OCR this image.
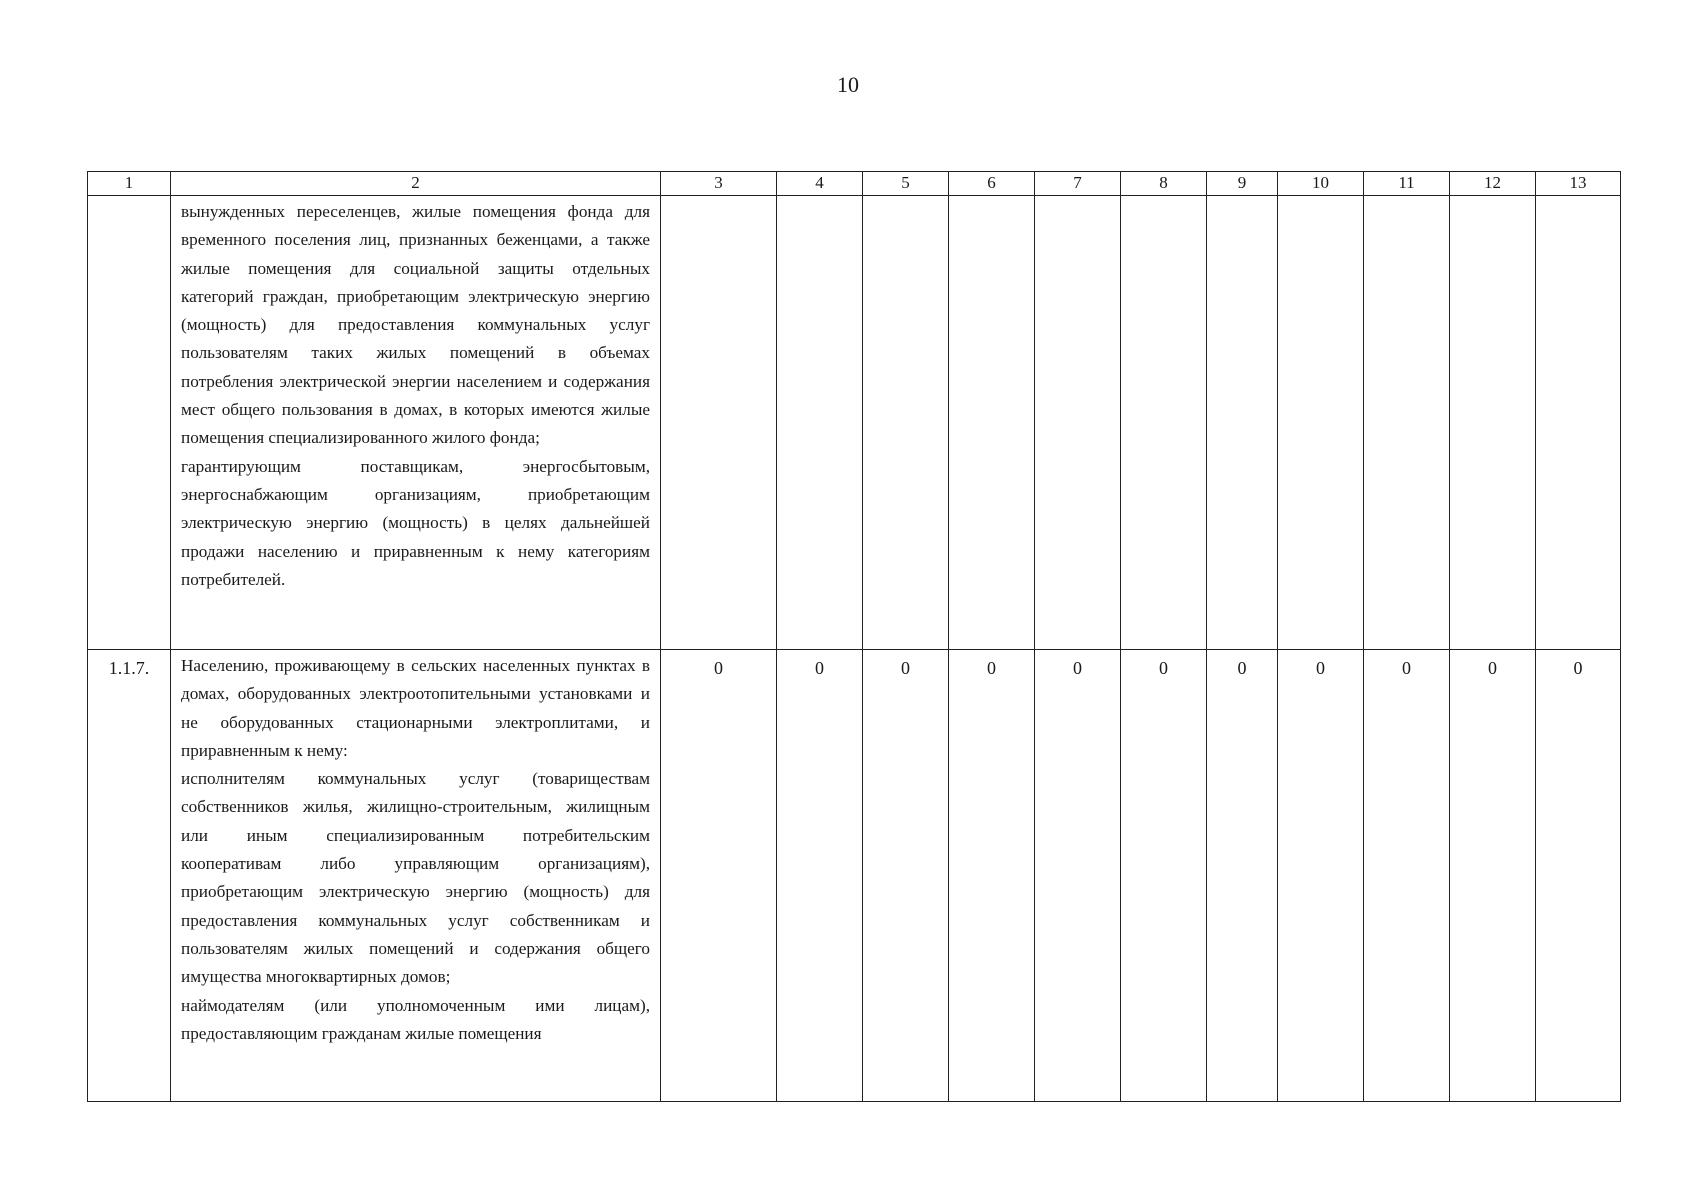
10
1	2	3	4	5	6	7	8	9	10	11	12	13

	вынужденных переселенцев, жилые помещения фонда для временного поселения лиц, признанных беженцами, а также жилые помещения для социальной защиты отдельных категорий граждан, приобретающим электрическую энергию (мощность) для предоставления коммунальных услуг пользователям таких жилых помещений в объемах потребления электрической энергии населением и содержания мест общего пользования в домах, в которых имеются жилые помещения специализированного жилого фонда;

гарантирующим поставщикам, энергосбытовым, энергоснабжающим организациям, приобретающим электрическую энергию (мощность) в целях дальнейшей продажи населению и приравненным к нему категориям потребителей.											

1.1.7.	Населению, проживающему в сельских населенных пунктах в домах, оборудованных электроотопительными установками и не оборудованных стационарными электроплитами, и приравненным к нему:

исполнителям коммунальных услуг (товариществам собственников жилья, жилищно-строительным, жилищным или иным специализированным потребительским кооперативам либо управляющим организациям), приобретающим электрическую энергию (мощность) для предоставления коммунальных услуг собственникам и пользователям жилых помещений и содержания общего имущества многоквартирных домов;

наймодателям (или уполномоченным ими лицам), предоставляющим гражданам жилые помещения	0	0	0	0	0	0	0	0	0	0	0
